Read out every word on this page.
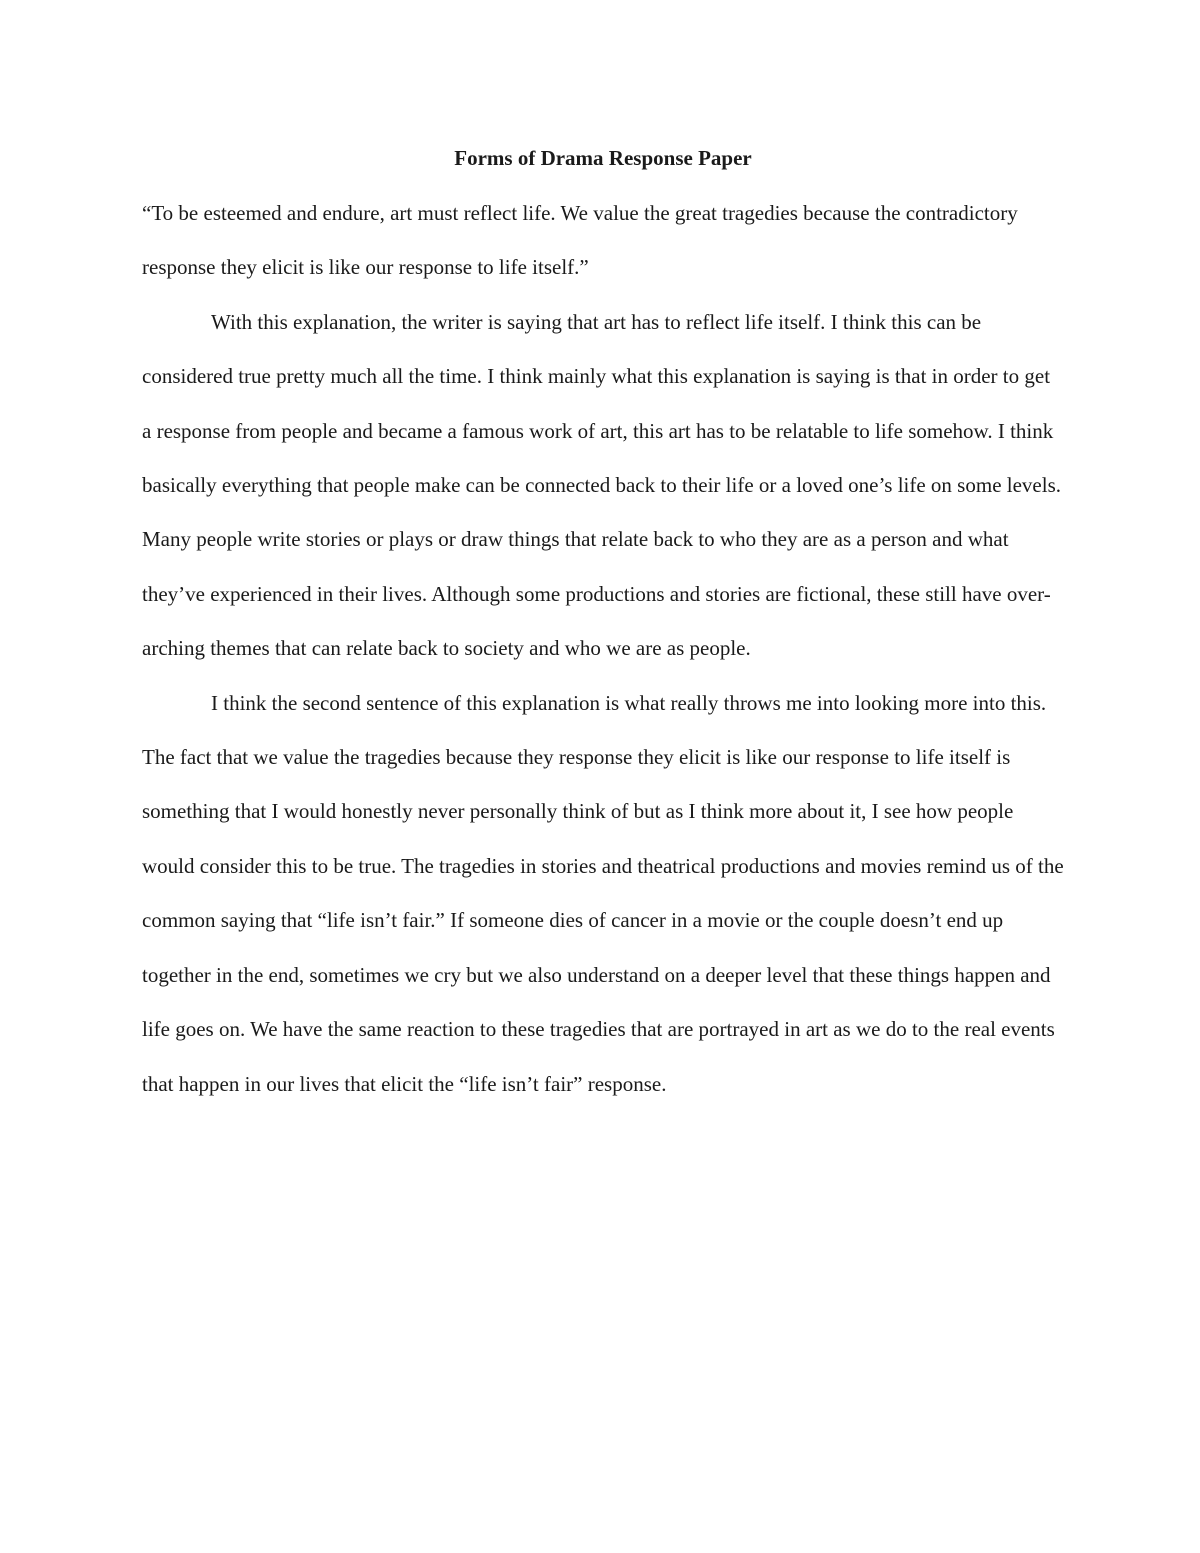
Forms of Drama Response Paper

“To be esteemed and endure, art must reflect life. We value the great tragedies because the contradictory response they elicit is like our response to life itself.”

With this explanation, the writer is saying that art has to reflect life itself. I think this can be considered true pretty much all the time. I think mainly what this explanation is saying is that in order to get a response from people and became a famous work of art, this art has to be relatable to life somehow. I think basically everything that people make can be connected back to their life or a loved one’s life on some levels. Many people write stories or plays or draw things that relate back to who they are as a person and what they’ve experienced in their lives. Although some productions and stories are fictional, these still have over-arching themes that can relate back to society and who we are as people.

I think the second sentence of this explanation is what really throws me into looking more into this. The fact that we value the tragedies because they response they elicit is like our response to life itself is something that I would honestly never personally think of but as I think more about it, I see how people would consider this to be true. The tragedies in stories and theatrical productions and movies remind us of the common saying that “life isn’t fair.” If someone dies of cancer in a movie or the couple doesn’t end up together in the end, sometimes we cry but we also understand on a deeper level that these things happen and life goes on. We have the same reaction to these tragedies that are portrayed in art as we do to the real events that happen in our lives that elicit the “life isn’t fair” response.
